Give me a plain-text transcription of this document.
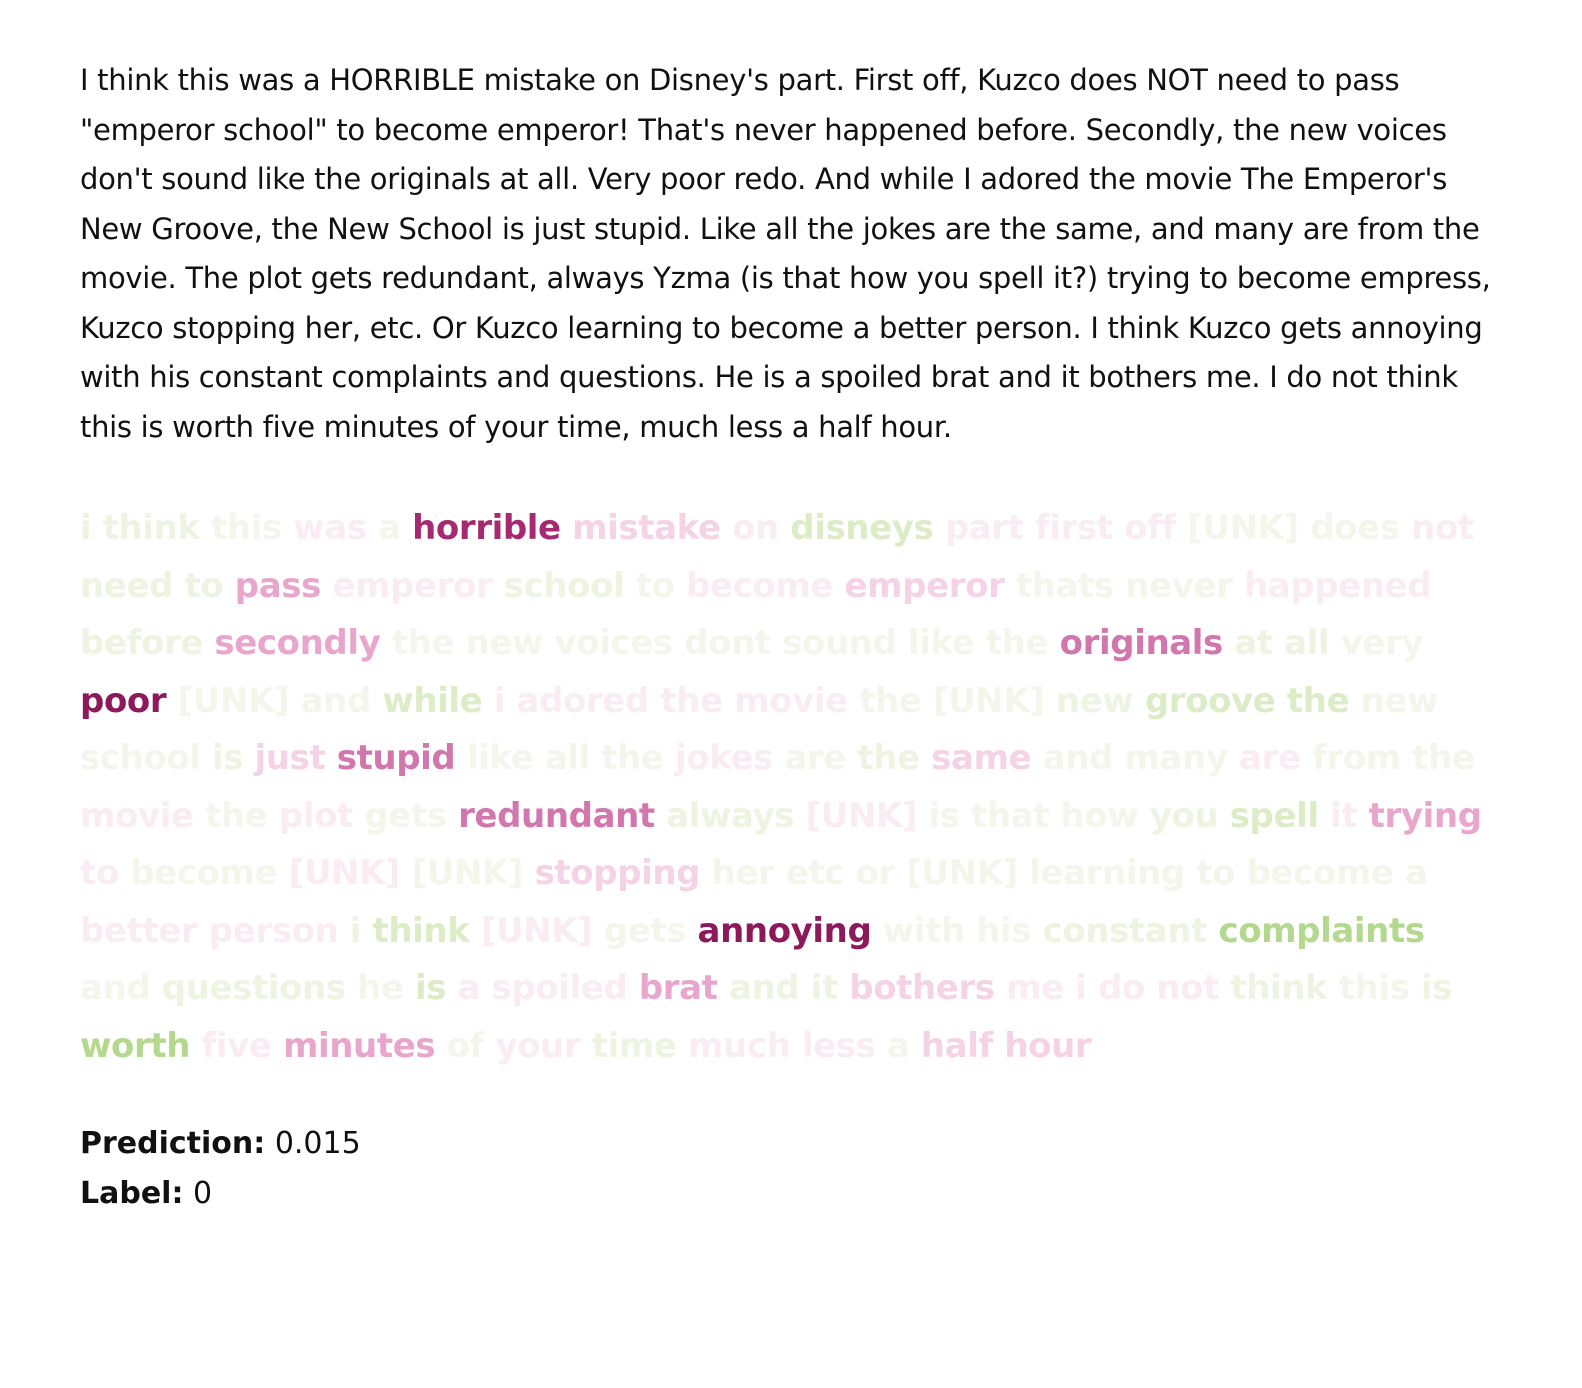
I think this was a HORRIBLE mistake on Disney's part. First off, Kuzco does NOT need to pass "emperor school" to become emperor! That's never happened before. Secondly, the new voices don't sound like the originals at all. Very poor redo. And while I adored the movie The Emperor's New Groove, the New School is just stupid. Like all the jokes are the same, and many are from the movie. The plot gets redundant, always Yzma (is that how you spell it?) trying to become empress, Kuzco stopping her, etc. Or Kuzco learning to become a better person. I think Kuzco gets annoying with his constant complaints and questions. He is a spoiled brat and it bothers me. I do not think this is worth five minutes of your time, much less a half hour.
i think this was a horrible mistake on disneys part first off [UNK] does not need to pass emperor school to become emperor thats never happened before secondly the new voices dont sound like the originals at all very poor [UNK] and while i adored the movie the [UNK] new groove the new school is just stupid like all the jokes are the same and many are from the movie the plot gets redundant always [UNK] is that how you spell it trying to become [UNK] [UNK] stopping her etc or [UNK] learning to become a better person i think [UNK] gets annoying with his constant complaints and questions he is a spoiled brat and it bothers me i do not think this is worth five minutes of your time much less a half hour
Prediction: 0.015
Label: 0
